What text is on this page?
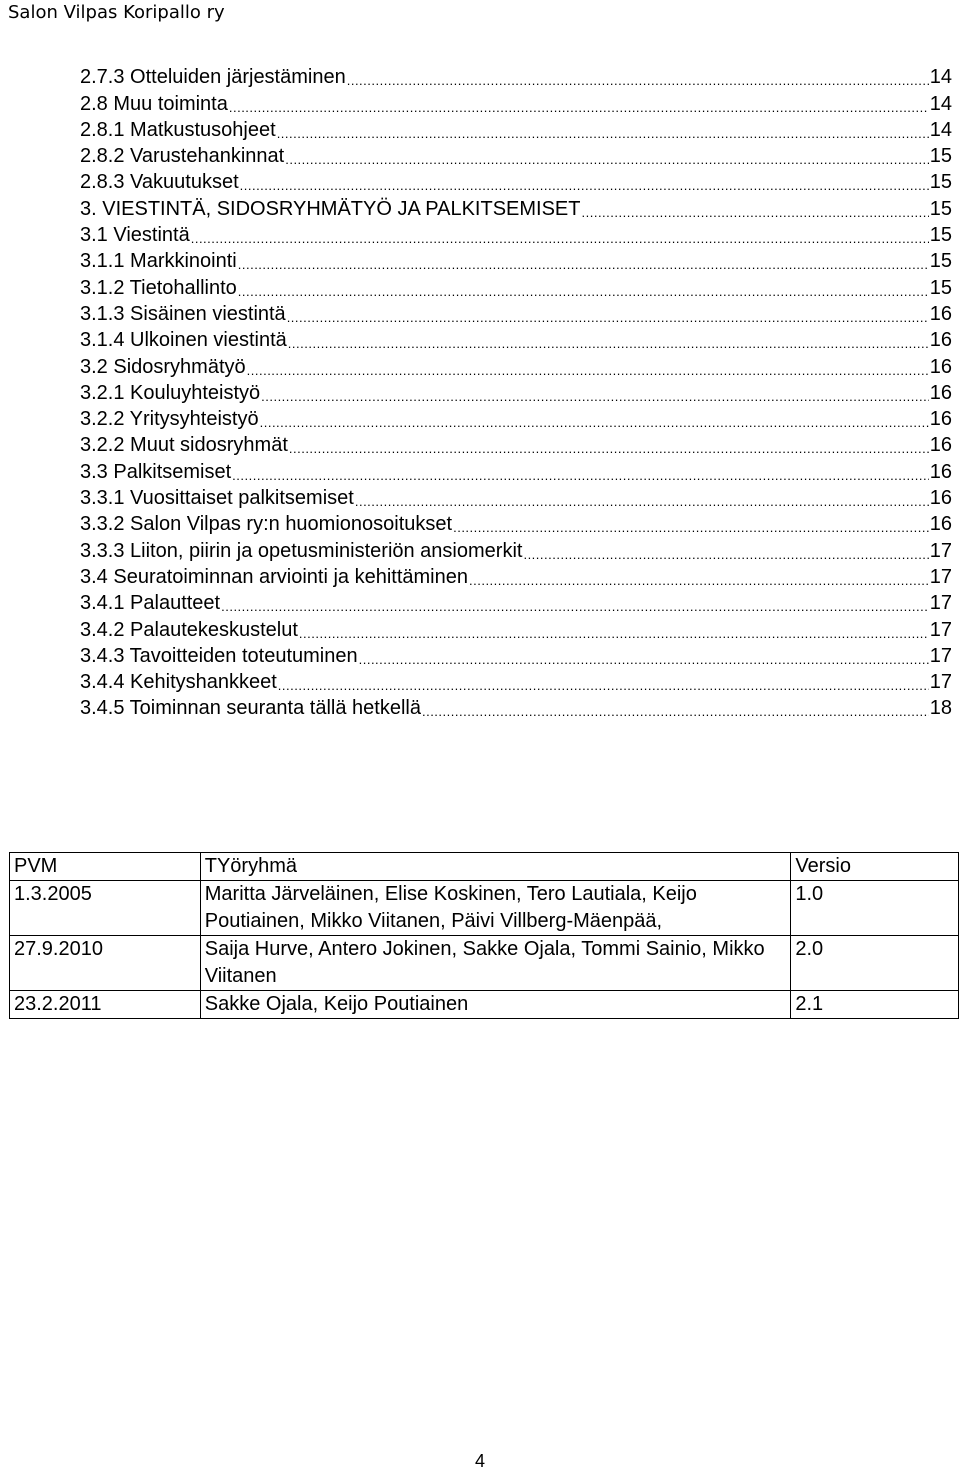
Salon Vilpas Koripallo ry
2.7.3 Otteluiden järjestäminen .....	14
2.8 Muu toiminta .....	14
2.8.1 Matkustusohjeet .....	14
2.8.2 Varustehankinnat .....	15
2.8.3 Vakuutukset .....	15
3. VIESTINTÄ, SIDOSRYHMÄTYÖ JA PALKITSEMISET .....	15
3.1 Viestintä .....	15
3.1.1 Markkinointi .....	15
3.1.2 Tietohallinto .....	15
3.1.3 Sisäinen viestintä .....	16
3.1.4 Ulkoinen viestintä .....	16
3.2 Sidosryhmätyö .....	16
3.2.1 Kouluyhteistyö .....	16
3.2.2 Yritysyhteistyö .....	16
3.2.2 Muut sidosryhmät .....	16
3.3 Palkitsemiset .....	16
3.3.1 Vuosittaiset palkitsemiset .....	16
3.3.2 Salon Vilpas ry:n huomionosoitukset .....	16
3.3.3 Liiton, piirin ja opetusministeriön ansiomerkit .....	17
3.4 Seuratoiminnan arviointi ja kehittäminen .....	17
3.4.1 Palautteet .....	17
3.4.2 Palautekeskustelut .....	17
3.4.3 Tavoitteiden toteutuminen .....	17
3.4.4 Kehityshankkeet .....	17
3.4.5 Toiminnan seuranta tällä hetkellä .....	18
PVM	TYöryhmä	Versio
1.3.2005	Maritta Järveläinen, Elise Koskinen, Tero Lautiala, Keijo Poutiainen, Mikko Viitanen, Päivi Villberg-Mäenpää,	1.0
27.9.2010	Saija Hurve, Antero Jokinen, Sakke Ojala, Tommi Sainio, Mikko Viitanen	2.0
23.2.2011	Sakke Ojala, Keijo Poutiainen	2.1
4
